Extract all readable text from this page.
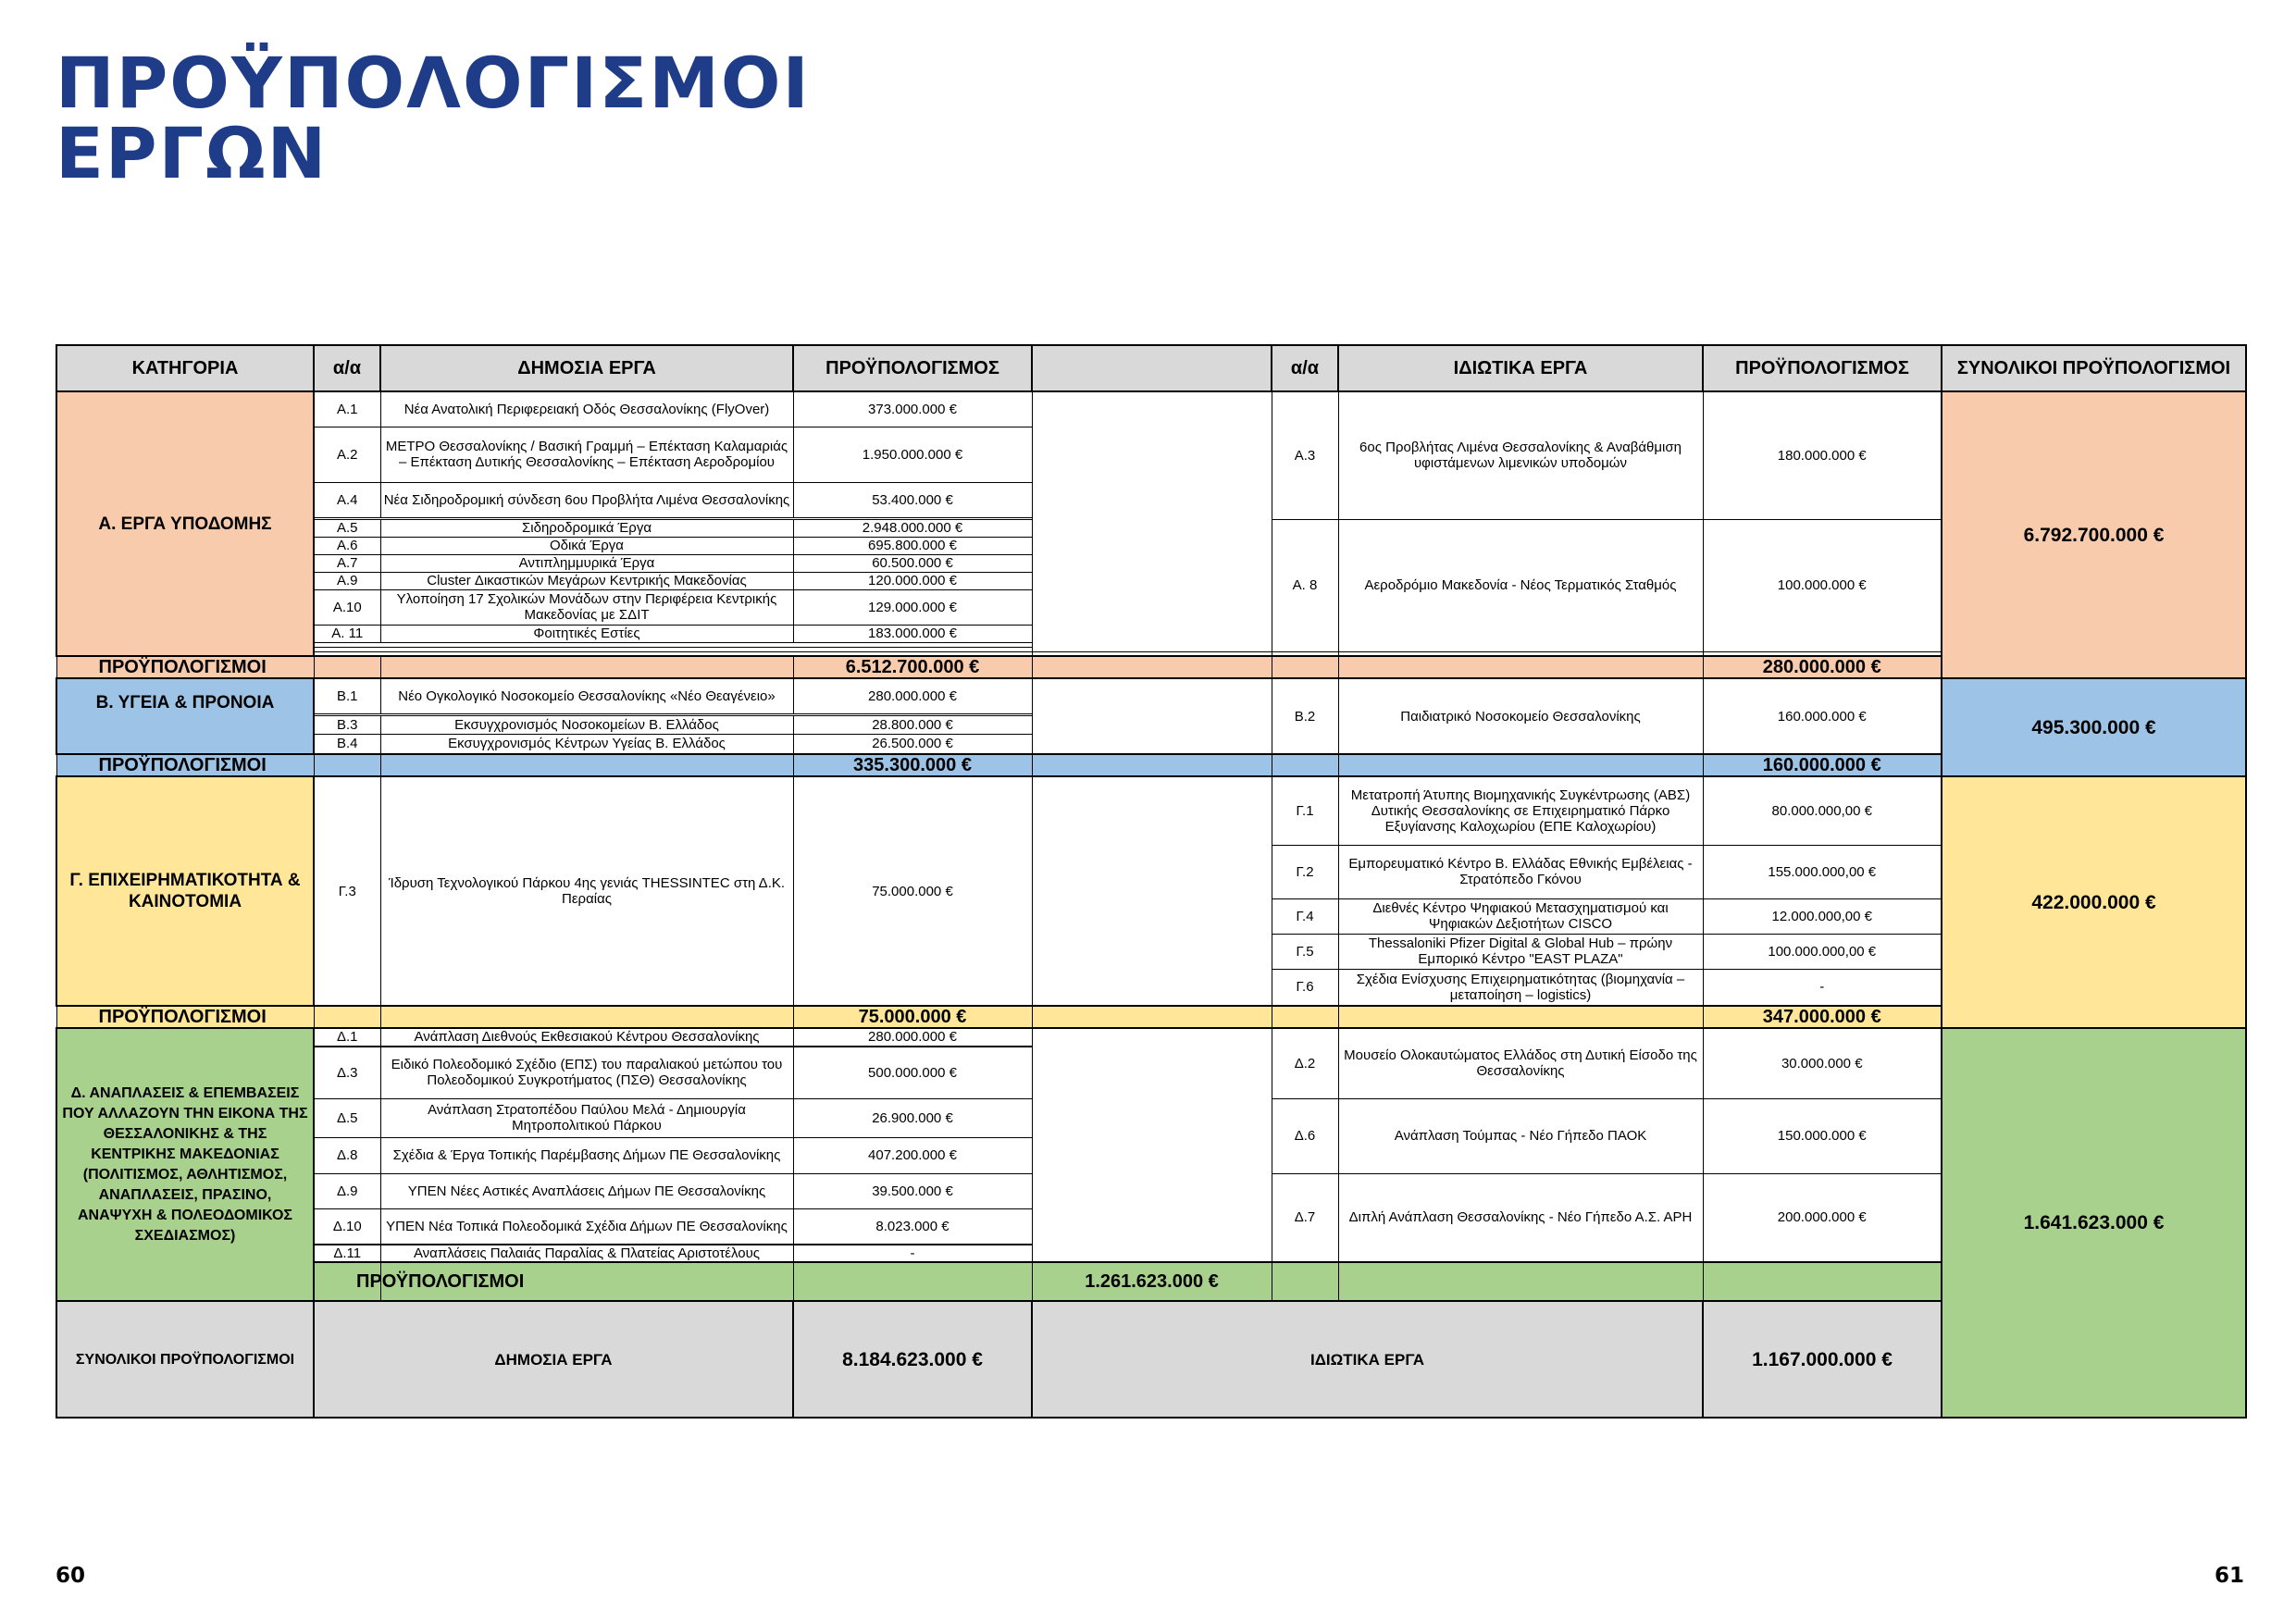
ΠΡΟΫΠΟΛΟΓΙΣΜΟΙ
ΕΡΓΩΝ
ΚΑΤΗΓΟΡΙΑ	α/α	ΔΗΜΟΣΙΑ ΕΡΓΑ	ΠΡΟΫΠΟΛΟΓΙΣΜΟΣ		α/α	ΙΔΙΩΤΙΚΑ ΕΡΓΑ	ΠΡΟΫΠΟΛΟΓΙΣΜΟΣ	ΣΥΝΟΛΙΚΟΙ ΠΡΟΫΠΟΛΟΓΙΣΜΟΙ	
Α. ΕΡΓΑ ΥΠΟΔΟΜΗΣ	Α.1	Νέα Ανατολική Περιφερειακή Οδός Θεσσαλονίκης (FlyOver)	373.000.000 €		Α.3	6ος Προβλήτας Λιμένα Θεσσαλονίκης & Αναβάθμιση υφιστάμενων λιμενικών υποδομών	180.000.000 €	6.792.700.000 €	
	Α.2	ΜΕΤΡΟ Θεσσαλονίκης / Βασική Γραμμή – Επέκταση Καλαμαριάς – Επέκταση Δυτικής Θεσσαλονίκης – Επέκταση Αεροδρομίου	1.950.000.000 €						
	Α.4	Νέα Σιδηροδρομική σύνδεση 6ου Προβλήτα Λιμένα Θεσσαλονίκης	53.400.000 €						

	Α.5	Σιδηροδρομικά Έργα	2.948.000.000 €		Α. 8	Αεροδρόμιο Μακεδονία - Νέος Τερματικός Σταθμός	100.000.000 €		
	Α.6	Οδικά Έργα	695.800.000 €						
	Α.7	Αντιπλημμυρικά Έργα	60.500.000 €						
	Α.9	Cluster Δικαστικών Μεγάρων Κεντρικής Μακεδονίας	120.000.000 €						
	Α.10	Υλοποίηση 17 Σχολικών Μονάδων στην Περιφέρεια Κεντρικής Μακεδονίας με ΣΔΙΤ	129.000.000 €						
	Α. 11	Φοιτητικές Εστίες	183.000.000 €						

ΠΡΟΫΠΟΛΟΓΙΣΜΟΙ			6.512.700.000 €				280.000.000 €		
Β. ΥΓΕΙΑ & ΠΡΟΝΟΙΑ	Β.1	Νέο Ογκολογικό Νοσοκομείο Θεσσαλονίκης «Νέο Θεαγένειο»	280.000.000 €		Β.2	Παιδιατρικό Νοσοκομείο Θεσσαλονίκης	160.000.000 €	495.300.000 €	

	Β.3	Εκσυγχρονισμός Νοσοκομείων Β. Ελλάδος	28.800.000 €						
	Β.4	Εκσυγχρονισμός Κέντρων Υγείας Β. Ελλάδος	26.500.000 €						
ΠΡΟΫΠΟΛΟΓΙΣΜΟΙ			335.300.000 €				160.000.000 €		
Γ. ΕΠΙΧΕΙΡΗΜΑΤΙΚΟΤΗΤΑ & ΚΑΙΝΟΤΟΜΙΑ	Γ.3	Ίδρυση Τεχνολογικού Πάρκου 4ης γενιάς THESSINTEC στη Δ.Κ. Περαίας	75.000.000 €		Γ.1	Μετατροπή Άτυπης Βιομηχανικής Συγκέντρωσης (ΑΒΣ) Δυτικής Θεσσαλονίκης σε Επιχειρηματικό Πάρκο Εξυγίανσης Καλοχωρίου (ΕΠΕ Καλοχωρίου)	80.000.000,00 €	422.000.000 €	
					Γ.2	Εμπορευματικό Κέντρο Β. Ελλάδας Εθνικής Εμβέλειας - Στρατόπεδο Γκόνου	155.000.000,00 €		
					Γ.4	Διεθνές Κέντρο Ψηφιακού Μετασχηματισμού και Ψηφιακών Δεξιοτήτων CISCO	12.000.000,00 €		
					Γ.5	Thessaloniki Pfizer Digital & Global Hub – πρώην Εμπορικό Κέντρο "EAST PLAZA"	100.000.000,00 €		
					Γ.6	Σχέδια Ενίσχυσης Επιχειρηματικότητας (βιομηχανία – μεταποίηση – logistics)	-		
ΠΡΟΫΠΟΛΟΓΙΣΜΟΙ			75.000.000 €				347.000.000 €		
Δ. ΑΝΑΠΛΑΣΕΙΣ & ΕΠΕΜΒΑΣΕΙΣ ΠΟΥ ΑΛΛΑΖΟΥΝ ΤΗΝ ΕΙΚΟΝΑ ΤΗΣ ΘΕΣΣΑΛΟΝΙΚΗΣ & ΤΗΣ ΚΕΝΤΡΙΚΗΣ ΜΑΚΕΔΟΝΙΑΣ (ΠΟΛΙΤΙΣΜΟΣ, ΑΘΛΗΤΙΣΜΟΣ, ΑΝΑΠΛΑΣΕΙΣ, ΠΡΑΣΙΝΟ, ΑΝΑΨΥΧΗ & ΠΟΛΕΟΔΟΜΙΚΟΣ ΣΧΕΔΙΑΣΜΟΣ)	Δ.1	Ανάπλαση Διεθνούς Εκθεσιακού Κέντρου Θεσσαλονίκης	280.000.000 €		Δ.2	Μουσείο Ολοκαυτώματος Ελλάδος στη Δυτική Είσοδο της Θεσσαλονίκης	30.000.000 €	1.641.623.000 €	

	Δ.3	Ειδικό Πολεοδομικό Σχέδιο (ΕΠΣ) του παραλιακού μετώπου του Πολεοδομικού Συγκροτήματος (ΠΣΘ) Θεσσαλονίκης	500.000.000 €						
	Δ.5	Ανάπλαση Στρατοπέδου Παύλου Μελά - Δημιουργία Μητροπολιτικού Πάρκου	26.900.000 €		Δ.6	Ανάπλαση Τούμπας - Νέο Γήπεδο ΠΑΟΚ	150.000.000 €		
	Δ.8	Σχέδια & Έργα Τοπικής Παρέμβασης Δήμων ΠΕ Θεσσαλονίκης	407.200.000 €						
	Δ.9	ΥΠΕΝ Νέες Αστικές Αναπλάσεις Δήμων ΠΕ Θεσσαλονίκης	39.500.000 €		Δ.7	Διπλή Ανάπλαση Θεσσαλονίκης - Νέο Γήπεδο Α.Σ. ΑΡΗ	200.000.000 €		
	Δ.10	ΥΠΕΝ Νέα Τοπικά Πολεοδομικά Σχέδια Δήμων ΠΕ Θεσσαλονίκης	8.023.000 €						

	Δ.11	Αναπλάσεις Παλαιάς Παραλίας & Πλατείας Αριστοτέλους	-						
	ΠΡΟΫΠΟΛΟΓΙΣΜΟΙ			1.261.623.000 €				
ΣΥΝΟΛΙΚΟΙ ΠΡΟΫΠΟΛΟΓΙΣΜΟΙ	ΔΗΜΟΣΙΑ ΕΡΓΑ		8.184.623.000 €	ΙΔΙΩΤΙΚΑ ΕΡΓΑ			1.167.000.000 €	
60	61
